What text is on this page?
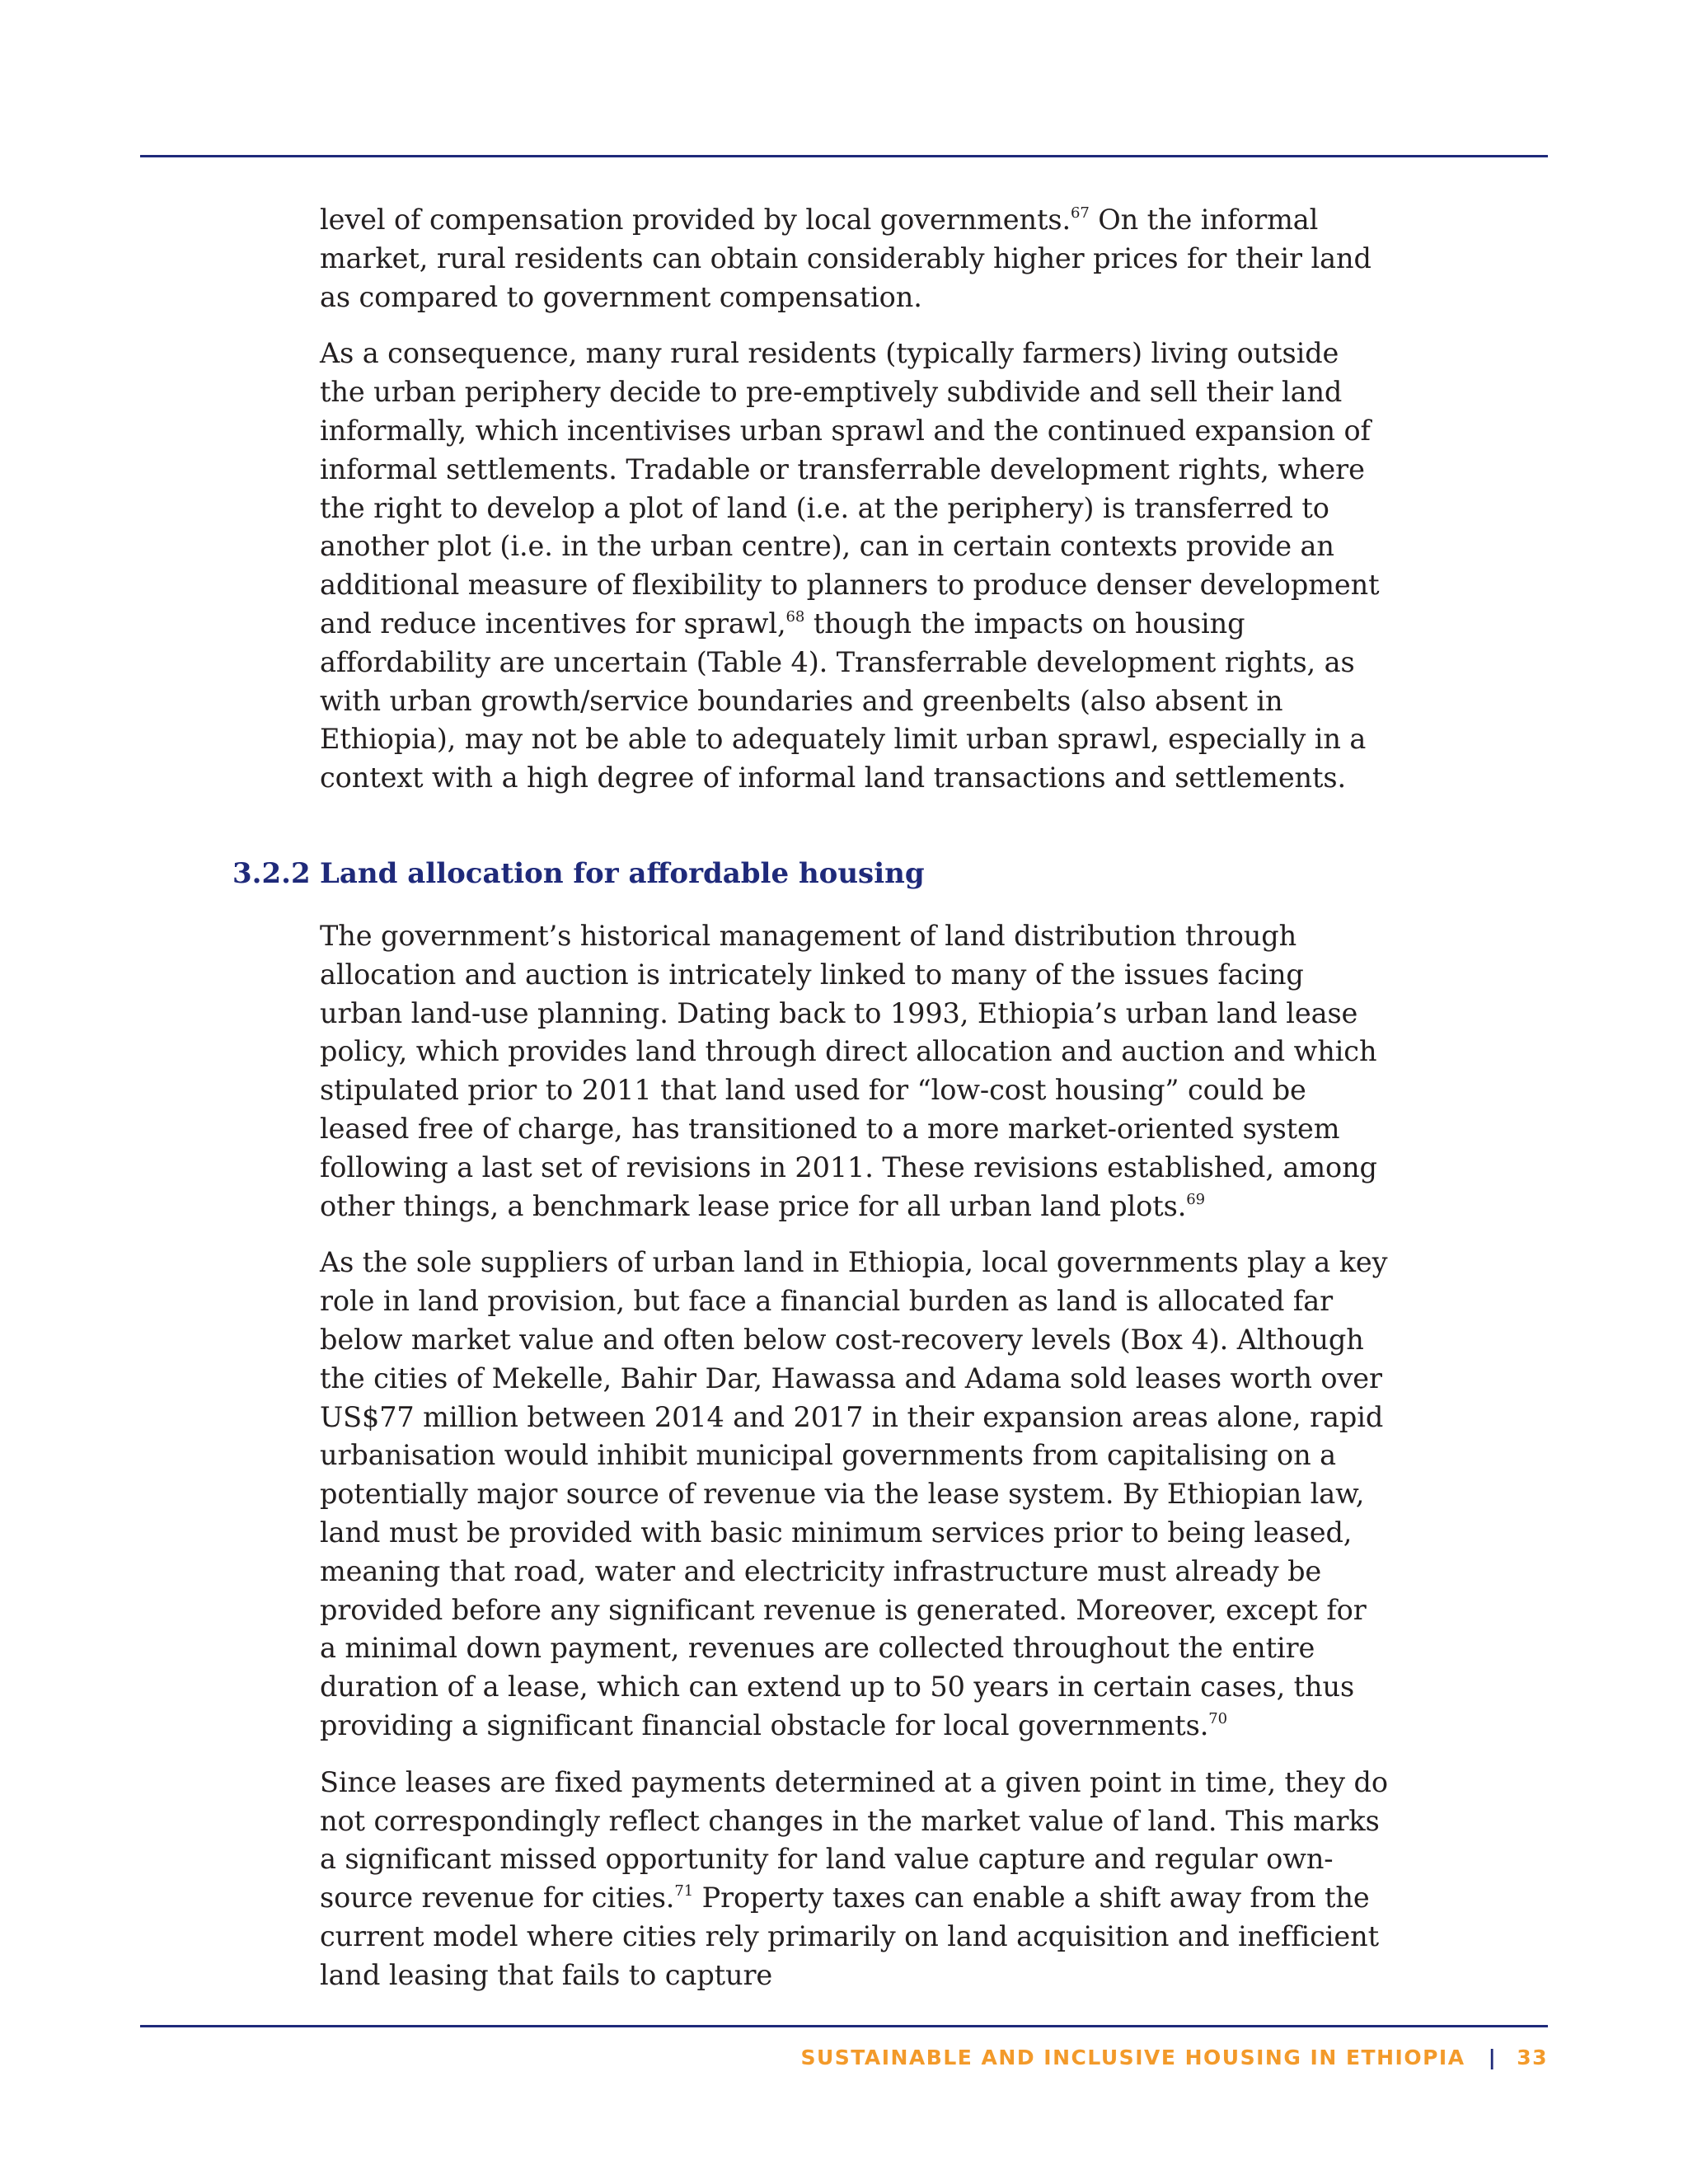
level of compensation provided by local governments.$^{67}$ On the informal market, rural residents can obtain considerably higher prices for their land as compared to government compensation.

As a consequence, many rural residents (typically farmers) living outside the urban periphery decide to pre-emptively subdivide and sell their land informally, which incentivises urban sprawl and the continued expansion of informal settlements. Tradable or transferrable development rights, where the right to develop a plot of land (i.e. at the periphery) is transferred to another plot (i.e. in the urban centre), can in certain contexts provide an additional measure of flexibility to planners to produce denser development and reduce incentives for sprawl,$^{68}$ though the impacts on housing affordability are uncertain (Table 4). Transferrable development rights, as with urban growth/service boundaries and greenbelts (also absent in Ethiopia), may not be able to adequately limit urban sprawl, especially in a context with a high degree of informal land transactions and settlements.

3.2.2 Land allocation for affordable housing

The government’s historical management of land distribution through allocation and auction is intricately linked to many of the issues facing urban land-use planning. Dating back to 1993, Ethiopia’s urban land lease policy, which provides land through direct allocation and auction and which stipulated prior to 2011 that land used for “low-cost housing” could be leased free of charge, has transitioned to a more market-oriented system following a last set of revisions in 2011. These revisions established, among other things, a benchmark lease price for all urban land plots.$^{69}$

As the sole suppliers of urban land in Ethiopia, local governments play a key role in land provision, but face a financial burden as land is allocated far below market value and often below cost-recovery levels (Box 4). Although the cities of Mekelle, Bahir Dar, Hawassa and Adama sold leases worth over US$77 million between 2014 and 2017 in their expansion areas alone, rapid urbanisation would inhibit municipal governments from capitalising on a potentially major source of revenue via the lease system. By Ethiopian law, land must be provided with basic minimum services prior to being leased, meaning that road, water and electricity infrastructure must already be provided before any significant revenue is generated. Moreover, except for a minimal down payment, revenues are collected throughout the entire duration of a lease, which can extend up to 50 years in certain cases, thus providing a significant financial obstacle for local governments.$^{70}$

Since leases are fixed payments determined at a given point in time, they do not correspondingly reflect changes in the market value of land. This marks a significant missed opportunity for land value capture and regular own-source revenue for cities.$^{71}$ Property taxes can enable a shift away from the current model where cities rely primarily on land acquisition and inefficient land leasing that fails to capture

SUSTAINABLE AND INCLUSIVE HOUSING IN ETHIOPIA | 33
